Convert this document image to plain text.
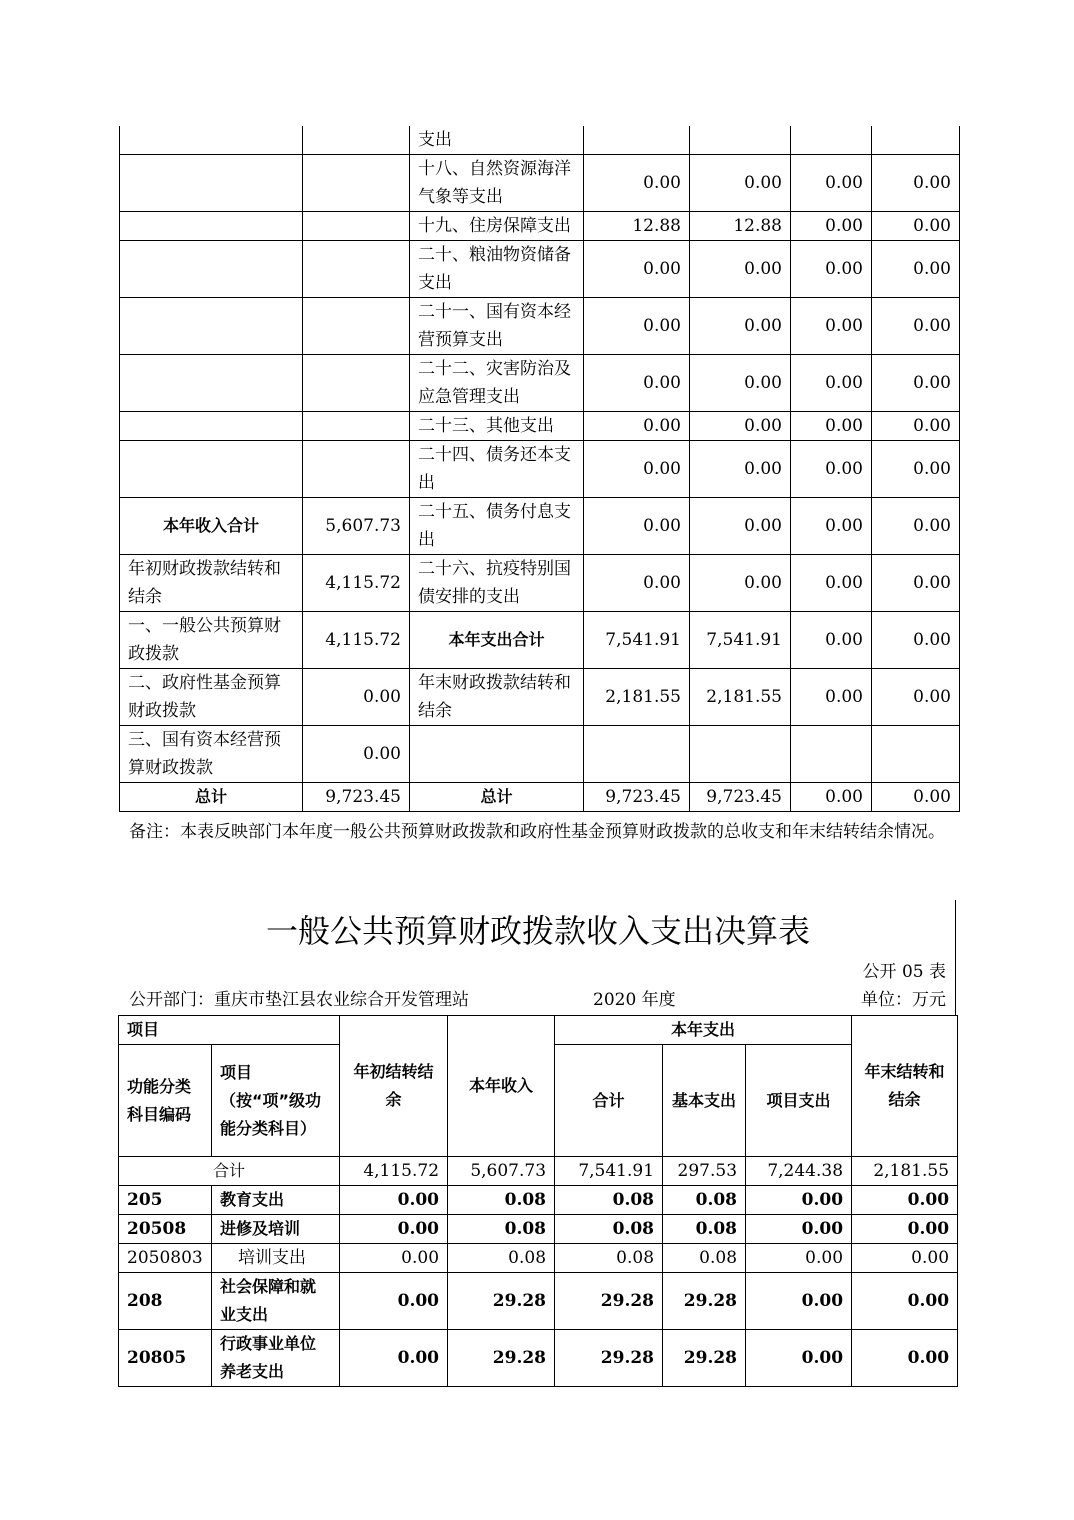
		支出				
		十八、自然资源海洋气象等支出	0.00	0.00	0.00	0.00
		十九、住房保障支出	12.88	12.88	0.00	0.00
		二十、粮油物资储备支出	0.00	0.00	0.00	0.00
		二十一、国有资本经营预算支出	0.00	0.00	0.00	0.00
		二十二、灾害防治及应急管理支出	0.00	0.00	0.00	0.00
		二十三、其他支出	0.00	0.00	0.00	0.00
		二十四、债务还本支出	0.00	0.00	0.00	0.00
本年收入合计	5,607.73	二十五、债务付息支出	0.00	0.00	0.00	0.00
年初财政拨款结转和结余	4,115.72	二十六、抗疫特别国债安排的支出	0.00	0.00	0.00	0.00
一、一般公共预算财政拨款	4,115.72	本年支出合计	7,541.91	7,541.91	0.00	0.00
二、政府性基金预算财政拨款	0.00	年末财政拨款结转和结余	2,181.55	2,181.55	0.00	0.00
三、国有资本经营预算财政拨款	0.00					
总计	9,723.45	总计	9,723.45	9,723.45	0.00	0.00
备注：本表反映部门本年度一般公共预算财政拨款和政府性基金预算财政拨款的总收支和年末结转结余情况。
一般公共预算财政拨款收入支出决算表
公开 05 表
公开部门：重庆市垫江县农业综合开发管理站	2020 年度	单位：万元
项目		年初结转结余	本年收入	本年支出			年末结转和结余
功能分类科目编码	项目（按“项”级功能分类科目）			合计	基本支出	项目支出	
合计		4,115.72	5,607.73	7,541.91	297.53	7,244.38	2,181.55
205	教育支出	0.00	0.08	0.08	0.08	0.00	0.00
20508	进修及培训	0.00	0.08	0.08	0.08	0.00	0.00
2050803	培训支出	0.00	0.08	0.08	0.08	0.00	0.00
208	社会保障和就业支出	0.00	29.28	29.28	29.28	0.00	0.00
20805	行政事业单位养老支出	0.00	29.28	29.28	29.28	0.00	0.00
